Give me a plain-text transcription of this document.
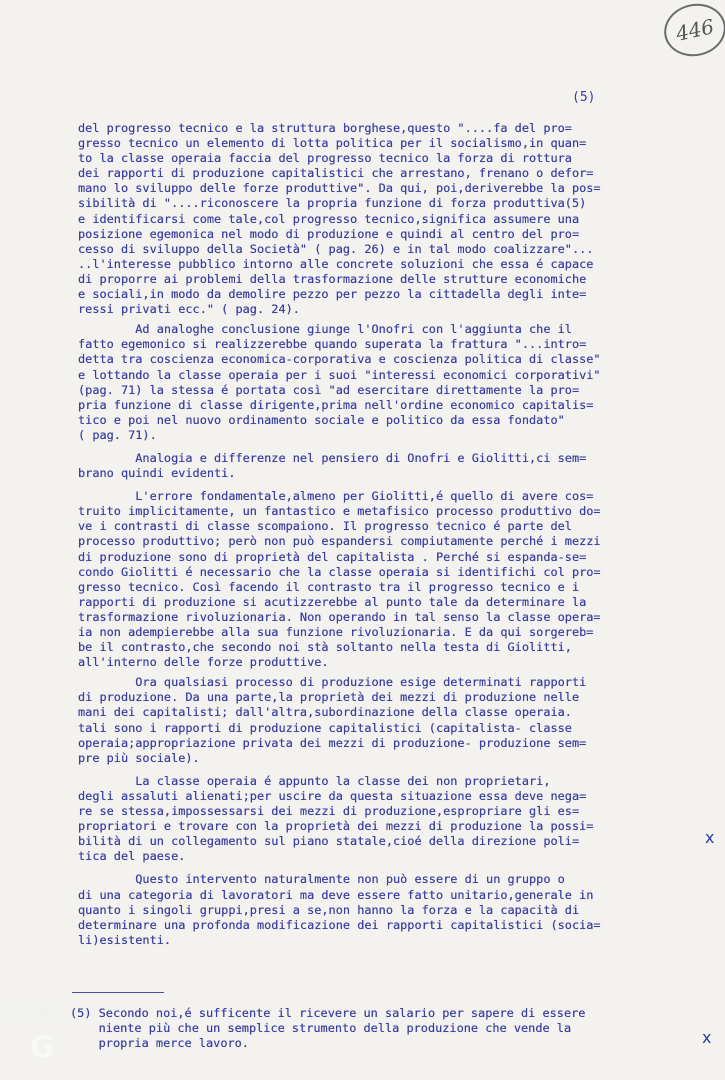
446
(5)
del progresso tecnico e la struttura borghese,questo "....fa del pro=
gresso tecnico un elemento di lotta politica per il socialismo,in quan=
to la classe operaia faccia del progresso tecnico la forza di rottura
dei rapporti di produzione capitalistici che arrestano, frenano o defor=
mano lo sviluppo delle forze produttive". Da qui, poi,deriverebbe la pos=
sibilità di "....riconoscere la propria funzione di forza produttiva(5)
e identificarsi come tale,col progresso tecnico,significa assumere una
posizione egemonica nel modo di produzione e quindi al centro del pro=
cesso di sviluppo della Società" ( pag. 26) e in tal modo coalizzare"...
..l'interesse pubblico intorno alle concrete soluzioni che essa é capace
di proporre ai problemi della trasformazione delle strutture economiche
e sociali,in modo da demolire pezzo per pezzo la cittadella degli inte=
ressi privati ecc." ( pag. 24).
Ad analoghe conclusione giunge l'Onofri con l'aggiunta che il
fatto egemonico si realizzerebbe quando superata la frattura "...intro=
detta tra coscienza economica-corporativa e coscienza politica di classe"
e lottando la classe operaia per i suoi "interessi economici corporativi"
(pag. 71) la stessa é portata così "ad esercitare direttamente la pro=
pria funzione di classe dirigente,prima nell'ordine economico capitalis=
tico e poi nel nuovo ordinamento sociale e politico da essa fondato"
( pag. 71).
Analogia e differenze nel pensiero di Onofri e Giolitti,ci sem=
brano quindi evidenti.
L'errore fondamentale,almeno per Giolitti,é quello di avere cos=
truito implicitamente, un fantastico e metafisico processo produttivo do=
ve i contrasti di classe scompaiono. Il progresso tecnico é parte del
processo produttivo; però non può espandersi compiutamente perché i mezzi
di produzione sono di proprietà del capitalista . Perché si espanda-se=
condo Giolitti é necessario che la classe operaia si identifichi col pro=
gresso tecnico. Così facendo il contrasto tra il progresso tecnico e i
rapporti di produzione si acutizzerebbe al punto tale da determinare la
trasformazione rivoluzionaria. Non operando in tal senso la classe opera=
ia non adempierebbe alla sua funzione rivoluzionaria. E da qui sorgereb=
be il contrasto,che secondo noi stà soltanto nella testa di Giolitti,
all'interno delle forze produttive.
Ora qualsiasi processo di produzione esige determinati rapporti
di produzione. Da una parte,la proprietà dei mezzi di produzione nelle
mani dei capitalisti; dall'altra,subordinazione della classe operaia.
tali sono i rapporti di produzione capitalistici (capitalista- classe
operaia;appropriazione privata dei mezzi di produzione- produzione sem=
pre più sociale).
La classe operaia é appunto la classe dei non proprietari,
degli assaluti alienati;per uscire da questa situazione essa deve nega=
re se stessa,impossessarsi dei mezzi di produzione,espropriare gli es=
propriatori e trovare con la proprietà dei mezzi di produzione la possi=
bilità di un collegamento sul piano statale,cioé della direzione poli=
tica del paese.
Questo intervento naturalmente non può essere di un gruppo o
di una categoria di lavoratori ma deve essere fatto unitario,generale in
quanto i singoli gruppi,presi a se,non hanno la forza e la capacità di
determinare una profonda modificazione dei rapporti capitalistici (socia=
li)esistenti.
(5) Secondo noi,é sufficente il ricevere un salario per sapere di essere
niente più che un semplice strumento della produzione che vende la
propria merce lavoro.
x
x
FON
G
